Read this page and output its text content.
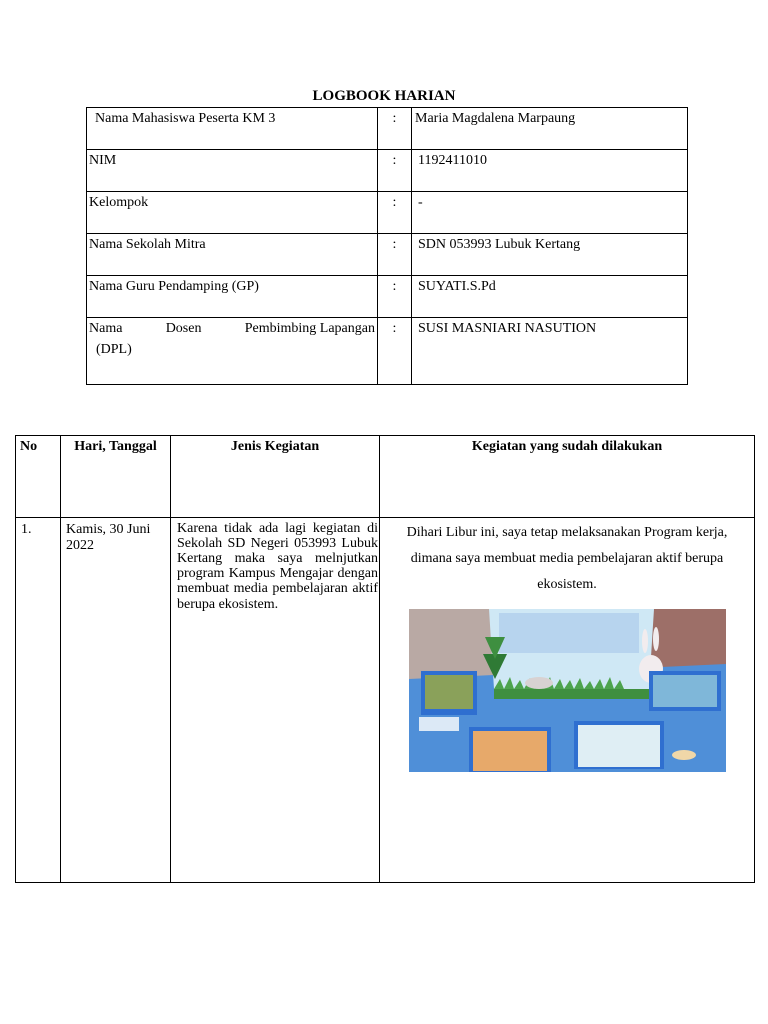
LOGBOOK HARIAN
Nama Mahasiswa Peserta KM 3	:	Maria Magdalena Marpaung
NIM	:	1192411010
Kelompok	:	-
Nama Sekolah Mitra	:	SDN 053993 Lubuk Kertang
Nama Guru Pendamping (GP)	:	SUYATI.S.Pd

Nama Dosen Pembimbing Lapangan
(DPL)	:	SUSI MASNIARI NASUTION
No	Hari, Tanggal	Jenis Kegiatan	Kegiatan yang sudah dilakukan
1.	Kamis, 30 Juni 2022	Karena tidak ada lagi kegiatan di Sekolah SD Negeri 053993 Lubuk Kertang maka saya melnjutkan program Kampus Mengajar dengan membuat media pembelajaran aktif berupa ekosistem.	Dihari Libur ini, saya tetap melaksanakan Program kerja, dimana saya membuat media pembelajaran aktif berupa ekosistem.
